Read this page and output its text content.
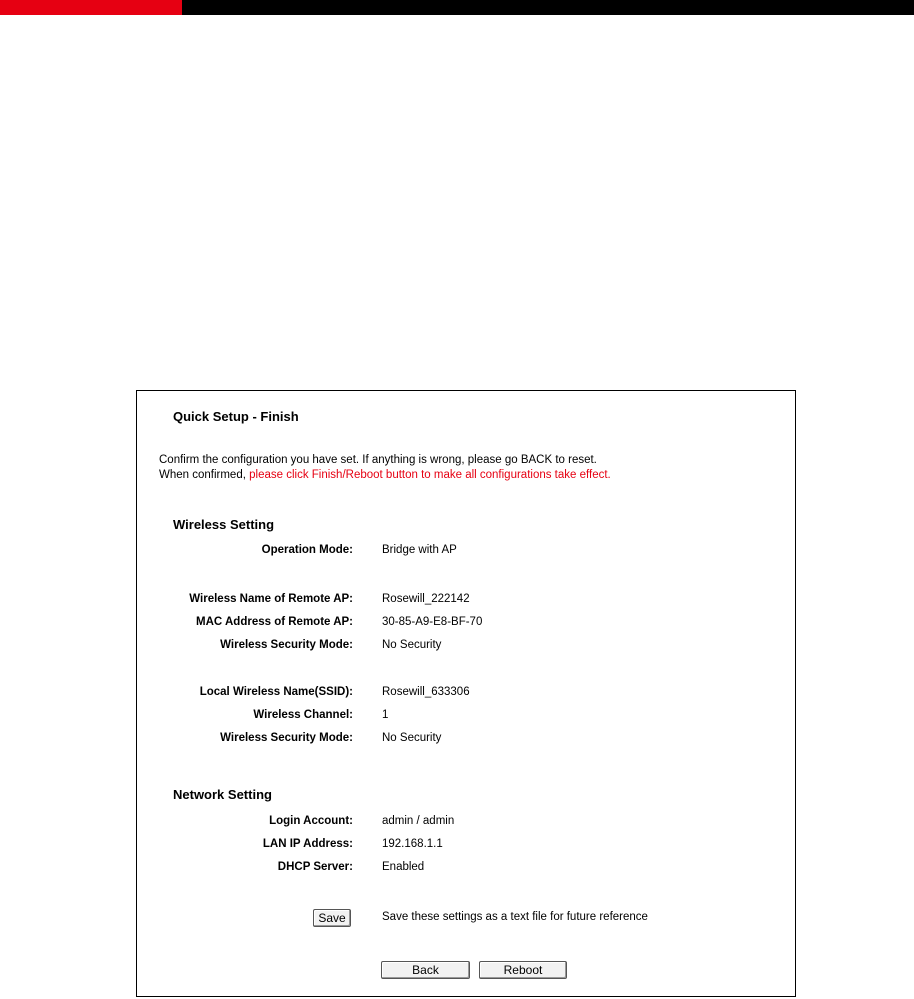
Quick Setup - Finish
Confirm the configuration you have set. If anything is wrong, please go BACK to reset.
When confirmed, please click Finish/Reboot button to make all configurations take effect.
Wireless Setting
Operation Mode:	Bridge with AP
Wireless Name of Remote AP:	Rosewill_222142
MAC Address of Remote AP:	30-85-A9-E8-BF-70
Wireless Security Mode:	No Security
Local Wireless Name(SSID):	Rosewill_633306
Wireless Channel:	1
Wireless Security Mode:	No Security
Network Setting
Login Account:	admin / admin
LAN IP Address:	192.168.1.1
DHCP Server:	Enabled
Save	Save these settings as a text file for future reference
Back	Reboot
